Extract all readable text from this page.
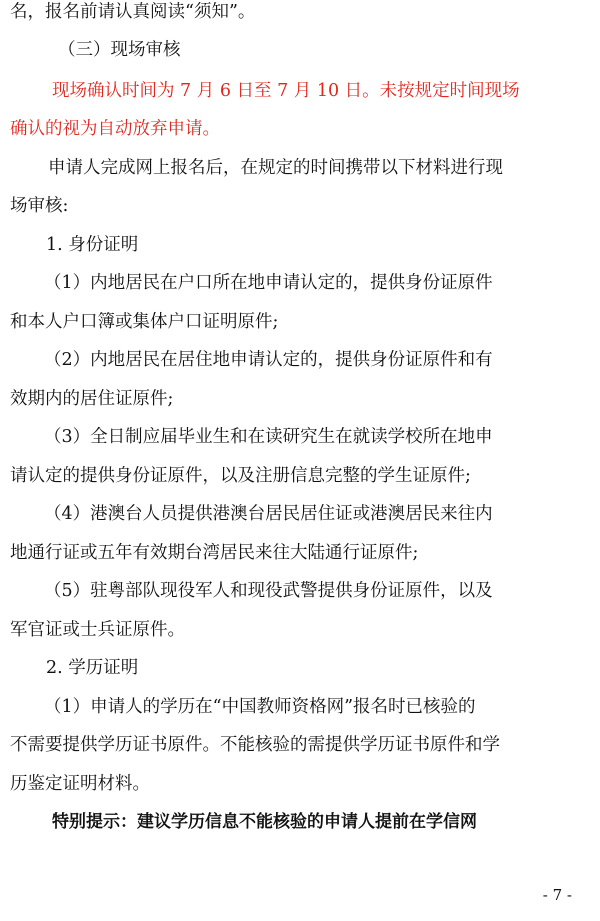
名，报名前请认真阅读“须知”。
（三）现场审核
现场确认时间为 7 月 6 日至 7 月 10 日。未按规定时间现场
确认的视为自动放弃申请。
申请人完成网上报名后，在规定的时间携带以下材料进行现
场审核:
1. 身份证明
（1）内地居民在户口所在地申请认定的，提供身份证原件
和本人户口簿或集体户口证明原件;
（2）内地居民在居住地申请认定的，提供身份证原件和有
效期内的居住证原件;
（3）全日制应届毕业生和在读研究生在就读学校所在地申
请认定的提供身份证原件，以及注册信息完整的学生证原件;
（4）港澳台人员提供港澳台居民居住证或港澳居民来往内
地通行证或五年有效期台湾居民来往大陆通行证原件;
（5）驻粤部队现役军人和现役武警提供身份证原件，以及
军官证或士兵证原件。
2. 学历证明
（1）申请人的学历在“中国教师资格网”报名时已核验的
不需要提供学历证书原件。不能核验的需提供学历证书原件和学
历鉴定证明材料。
特别提示：建议学历信息不能核验的申请人提前在学信网
- 7 -
